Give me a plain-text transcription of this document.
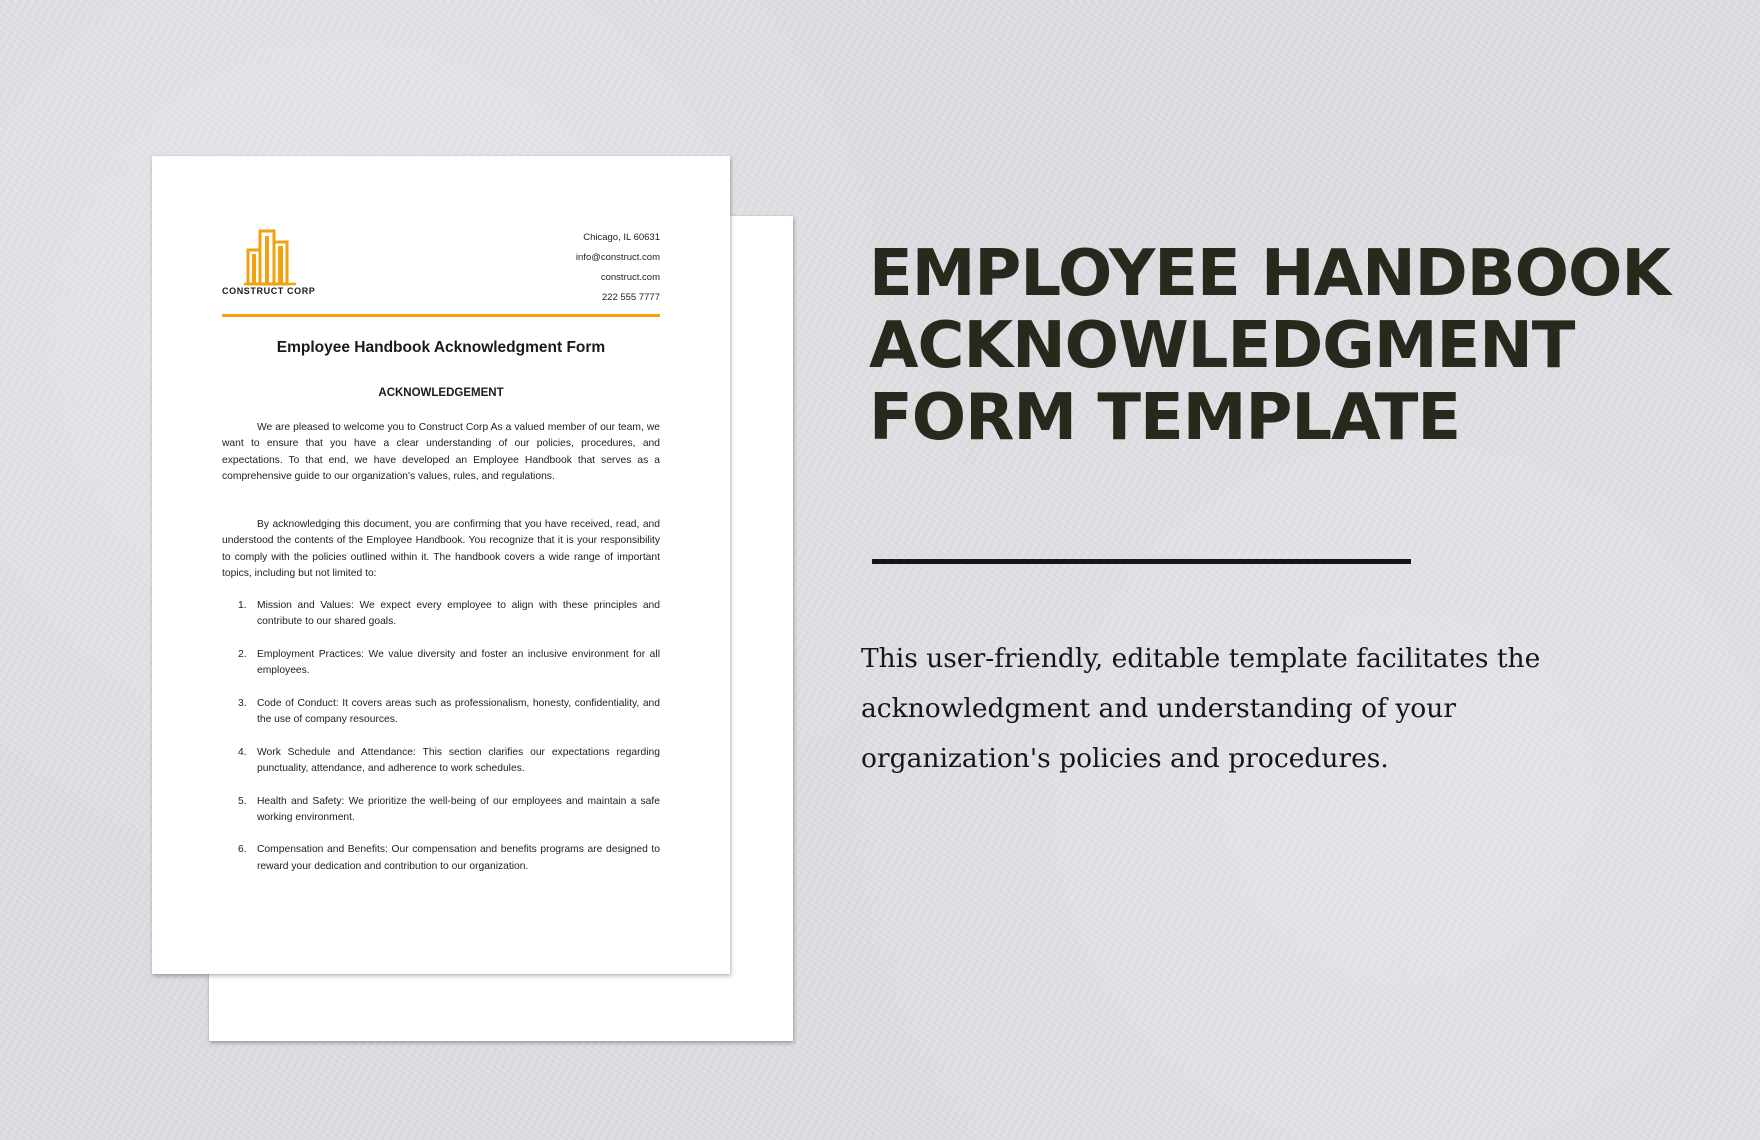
CONSTRUCT CORP
Chicago, IL 60631
info@construct.com
construct.com
222 555 7777
Employee Handbook Acknowledgment Form
ACKNOWLEDGEMENT

We are pleased to welcome you to Construct Corp As a valued member of our team, we want to ensure that you have a clear understanding of our policies, procedures, and expectations. To that end, we have developed an Employee Handbook that serves as a comprehensive guide to our organization's values, rules, and regulations.

By acknowledging this document, you are confirming that you have received, read, and understood the contents of the Employee Handbook. You recognize that it is your responsibility to comply with the policies outlined within it. The handbook covers a wide range of important topics, including but not limited to:

1. Mission and Values: We expect every employee to align with these principles and contribute to our shared goals.
2. Employment Practices: We value diversity and foster an inclusive environment for all employees.
3. Code of Conduct: It covers areas such as professionalism, honesty, confidentiality, and the use of company resources.
4. Work Schedule and Attendance: This section clarifies our expectations regarding punctuality, attendance, and adherence to work schedules.
5. Health and Safety: We prioritize the well-being of our employees and maintain a safe working environment.
6. Compensation and Benefits: Our compensation and benefits programs are designed to reward your dedication and contribution to our organization.
EMPLOYEE HANDBOOK ACKNOWLEDGMENT FORM TEMPLATE

This user-friendly, editable template facilitates the acknowledgment and understanding of your organization's policies and procedures.
